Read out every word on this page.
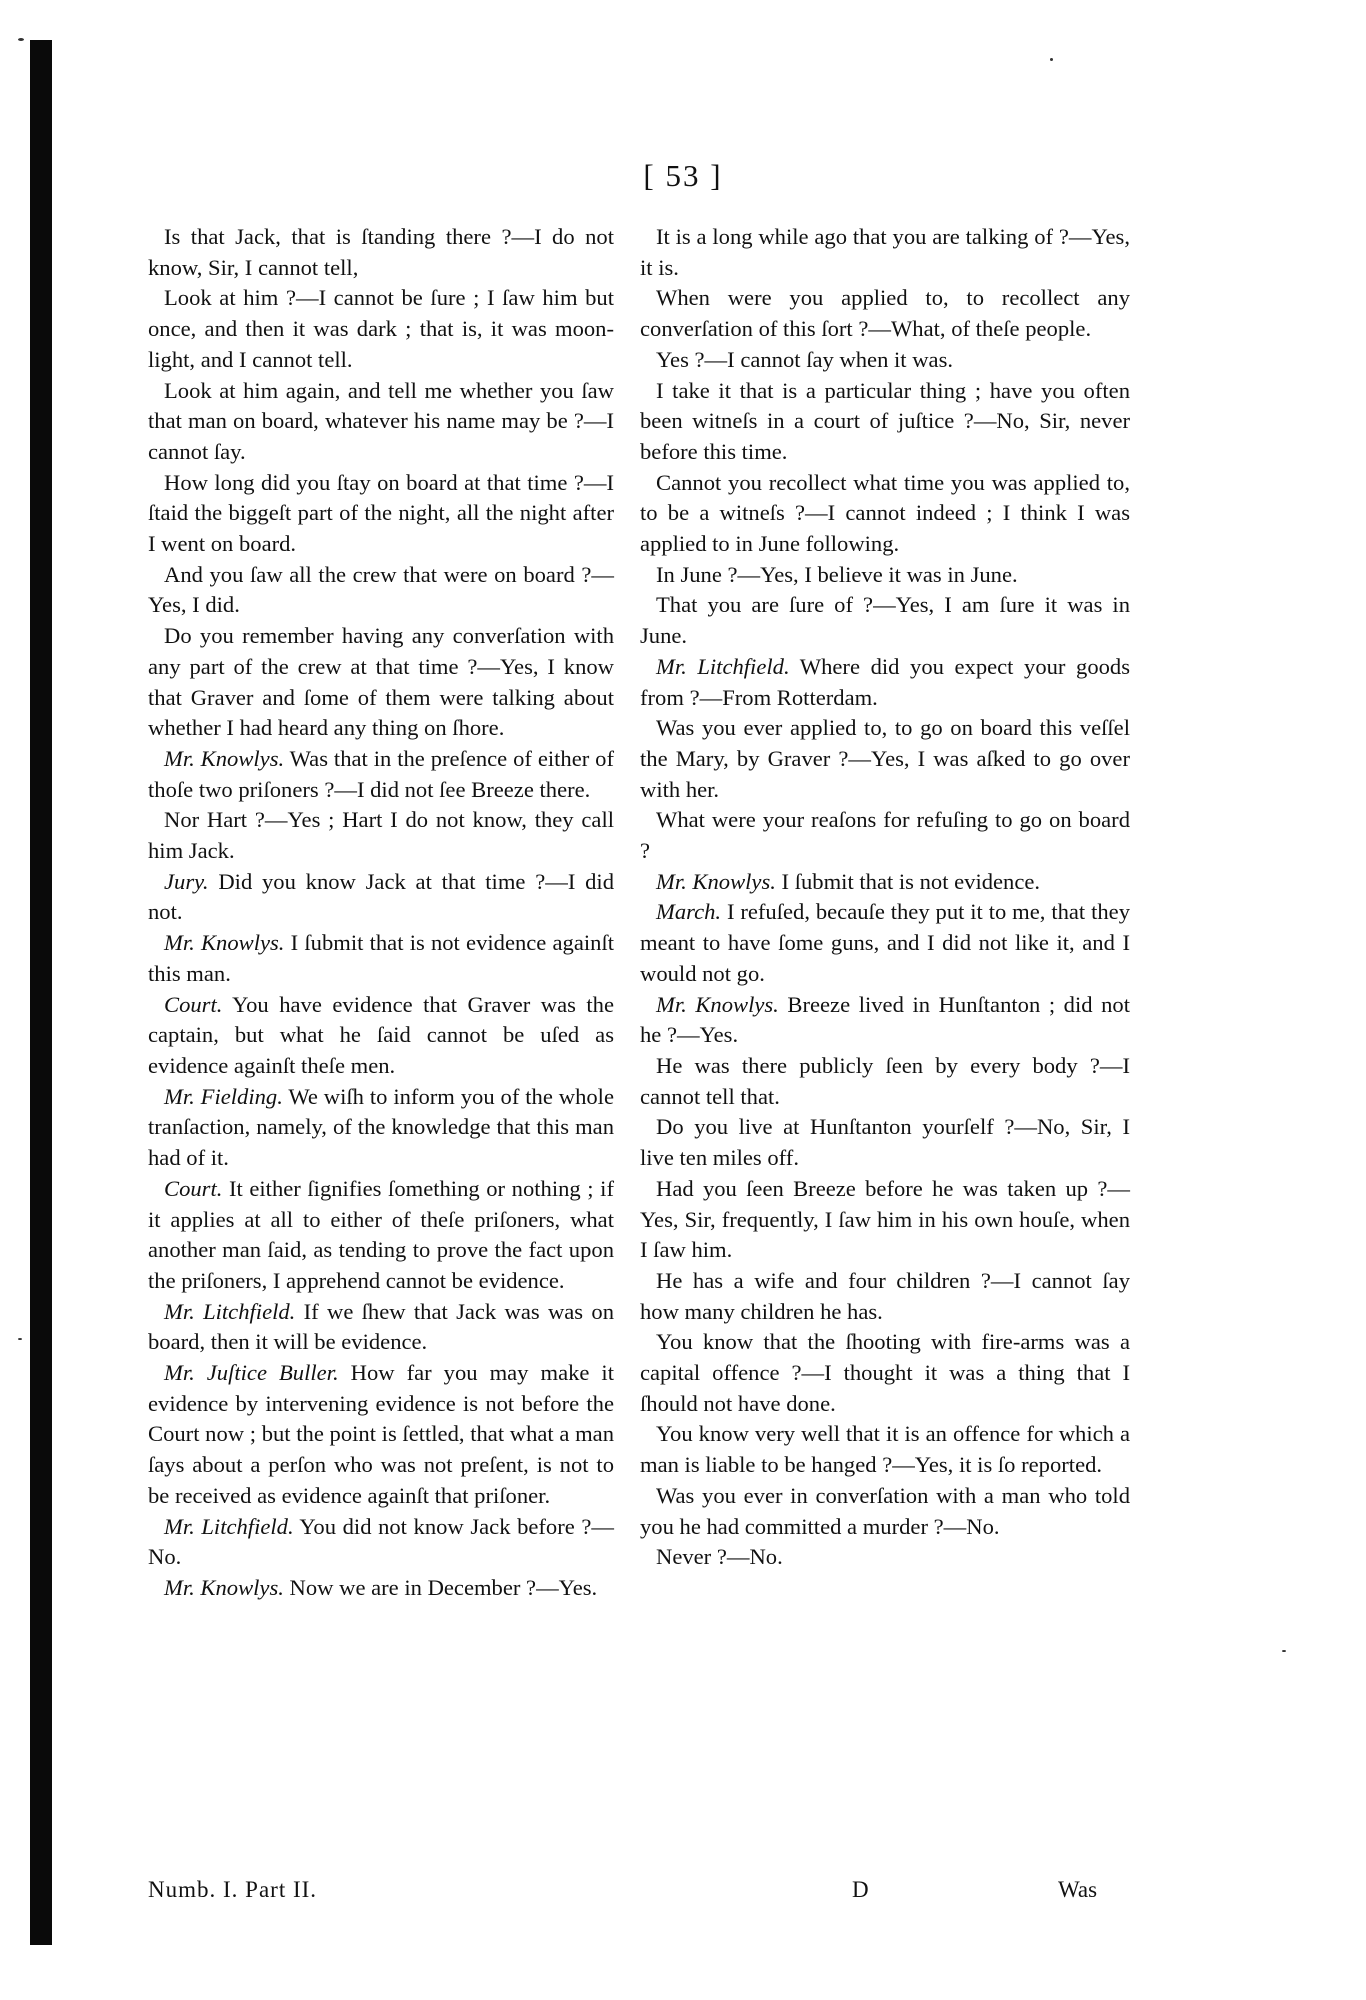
[ 53 ]

Is that Jack, that is ſtanding there ?—I do not know, Sir, I cannot tell,

Look at him ?—I cannot be ſure ; I ſaw him but once, and then it was dark ; that is, it was moon-light, and I cannot tell.

Look at him again, and tell me whether you ſaw that man on board, whatever his name may be ?—I cannot ſay.

How long did you ſtay on board at that time ?—I ſtaid the biggeſt part of the night, all the night after I went on board.

And you ſaw all the crew that were on board ?—Yes, I did.

Do you remember having any converſation with any part of the crew at that time ?—Yes, I know that Graver and ſome of them were talking about whether I had heard any thing on ſhore.

Mr. Knowlys. Was that in the preſence of either of thoſe two priſoners ?—I did not ſee Breeze there.

Nor Hart ?—Yes ; Hart I do not know, they call him Jack.

Jury. Did you know Jack at that time ?—I did not.

Mr. Knowlys. I ſubmit that is not evidence againſt this man.

Court. You have evidence that Graver was the captain, but what he ſaid cannot be uſed as evidence againſt theſe men.

Mr. Fielding. We wiſh to inform you of the whole tranſaction, namely, of the knowledge that this man had of it.

Court. It either ſignifies ſomething or nothing ; if it applies at all to either of theſe priſoners, what another man ſaid, as tending to prove the fact upon the priſoners, I apprehend cannot be evidence.

Mr. Litchfield. If we ſhew that Jack was was on board, then it will be evidence.

Mr. Juſtice Buller. How far you may make it evidence by intervening evidence is not before the Court now ; but the point is ſettled, that what a man ſays about a perſon who was not preſent, is not to be received as evidence againſt that priſoner.

Mr. Litchfield. You did not know Jack before ?—No.

Mr. Knowlys. Now we are in December ?—Yes.

It is a long while ago that you are talking of ?—Yes, it is.

When were you applied to, to recollect any converſation of this ſort ?—What, of theſe people.

Yes ?—I cannot ſay when it was.

I take it that is a particular thing ; have you often been witneſs in a court of juſtice ?—No, Sir, never before this time.

Cannot you recollect what time you was applied to, to be a witneſs ?—I cannot indeed ; I think I was applied to in June following.

In June ?—Yes, I believe it was in June.

That you are ſure of ?—Yes, I am ſure it was in June.

Mr. Litchfield. Where did you expect your goods from ?—From Rotterdam.

Was you ever applied to, to go on board this veſſel the Mary, by Graver ?—Yes, I was aſked to go over with her.

What were your reaſons for refuſing to go on board ?

Mr. Knowlys. I ſubmit that is not evidence.

March. I refuſed, becauſe they put it to me, that they meant to have ſome guns, and I did not like it, and I would not go.

Mr. Knowlys. Breeze lived in Hunſtanton ; did not he ?—Yes.

He was there publicly ſeen by every body ?—I cannot tell that.

Do you live at Hunſtanton yourſelf ?—No, Sir, I live ten miles off.

Had you ſeen Breeze before he was taken up ?—Yes, Sir, frequently, I ſaw him in his own houſe, when I ſaw him.

He has a wife and four children ?—I cannot ſay how many children he has.

You know that the ſhooting with fire-arms was a capital offence ?—I thought it was a thing that I ſhould not have done.

You know very well that it is an offence for which a man is liable to be hanged ?—Yes, it is ſo reported.

Was you ever in converſation with a man who told you he had committed a murder ?—No.

Never ?—No.

Numb. I. Part II.	D	Was
